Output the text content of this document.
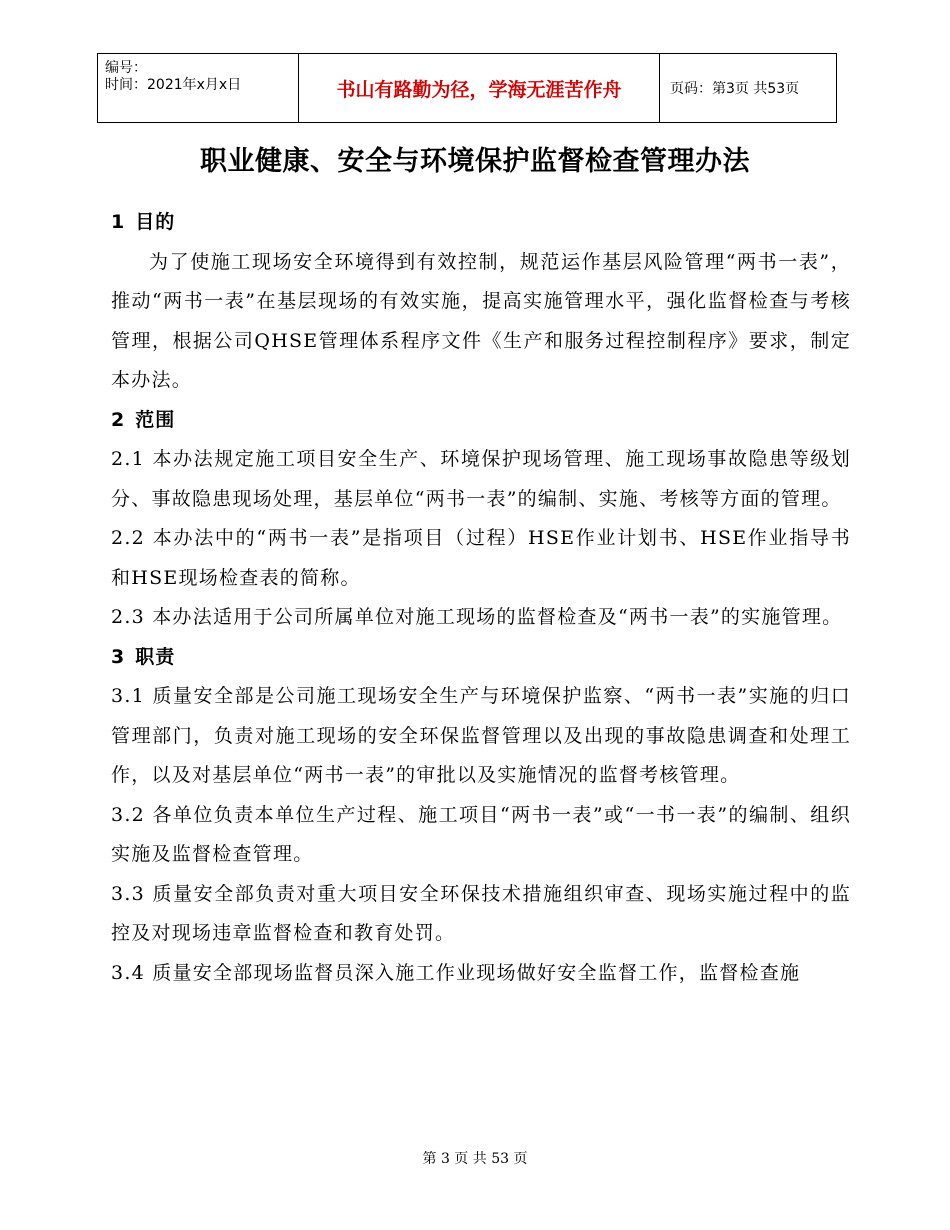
编号：
时间：2021年x月x日	书山有路勤为径，学海无涯苦作舟	页码：第3页 共53页
职业健康、安全与环境保护监督检查管理办法
1 目的

为了使施工现场安全环境得到有效控制，规范运作基层风险管理“两书一表”，推动“两书一表”在基层现场的有效实施，提高实施管理水平，强化监督检查与考核管理，根据公司QHSE管理体系程序文件《生产和服务过程控制程序》要求，制定本办法。

2 范围

2.1 本办法规定施工项目安全生产、环境保护现场管理、施工现场事故隐患等级划分、事故隐患现场处理，基层单位“两书一表”的编制、实施、考核等方面的管理。

2.2 本办法中的“两书一表”是指项目（过程）HSE作业计划书、HSE作业指导书和HSE现场检查表的简称。

2.3 本办法适用于公司所属单位对施工现场的监督检查及“两书一表”的实施管理。

3 职责

3.1 质量安全部是公司施工现场安全生产与环境保护监察、“两书一表”实施的归口管理部门，负责对施工现场的安全环保监督管理以及出现的事故隐患调查和处理工作，以及对基层单位“两书一表”的审批以及实施情况的监督考核管理。

3.2 各单位负责本单位生产过程、施工项目“两书一表”或“一书一表”的编制、组织实施及监督检查管理。

3.3 质量安全部负责对重大项目安全环保技术措施组织审查、现场实施过程中的监控及对现场违章监督检查和教育处罚。

3.4 质量安全部现场监督员深入施工作业现场做好安全监督工作，监督检查施

第 3 页 共 53 页
